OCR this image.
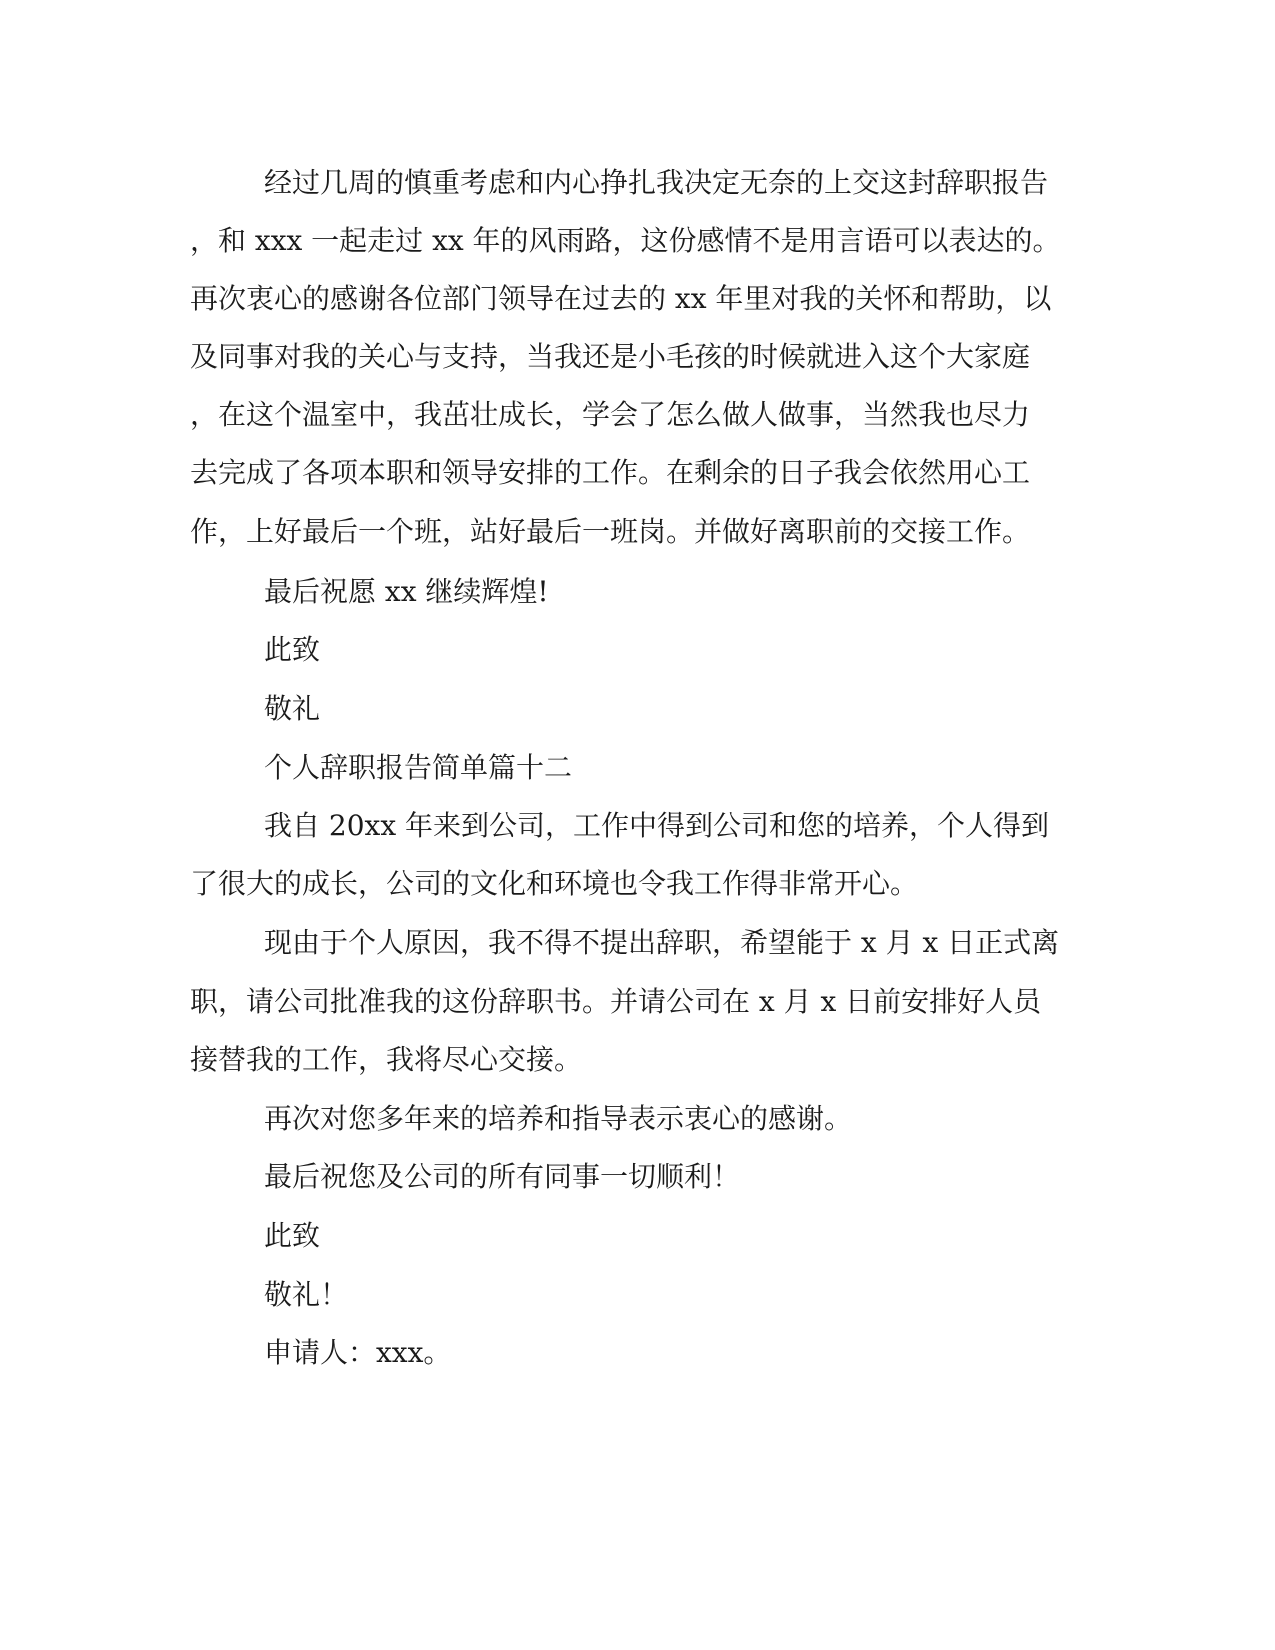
经过几周的慎重考虑和内心挣扎我决定无奈的上交这封辞职报告
，和 xxx 一起走过 xx 年的风雨路，这份感情不是用言语可以表达的。
再次衷心的感谢各位部门领导在过去的 xx 年里对我的关怀和帮助，以
及同事对我的关心与支持，当我还是小毛孩的时候就进入这个大家庭
，在这个温室中，我茁壮成长，学会了怎么做人做事，当然我也尽力
去完成了各项本职和领导安排的工作。在剩余的日子我会依然用心工
作，上好最后一个班，站好最后一班岗。并做好离职前的交接工作。
最后祝愿 xx 继续辉煌!
此致
敬礼
个人辞职报告简单篇十二
我自 20xx 年来到公司，工作中得到公司和您的培养，个人得到
了很大的成长，公司的文化和环境也令我工作得非常开心。
现由于个人原因，我不得不提出辞职，希望能于 x 月 x 日正式离
职，请公司批准我的这份辞职书。并请公司在 x 月 x 日前安排好人员
接替我的工作，我将尽心交接。
再次对您多年来的培养和指导表示衷心的感谢。
最后祝您及公司的所有同事一切顺利！
此致
敬礼！
申请人：xxx。
